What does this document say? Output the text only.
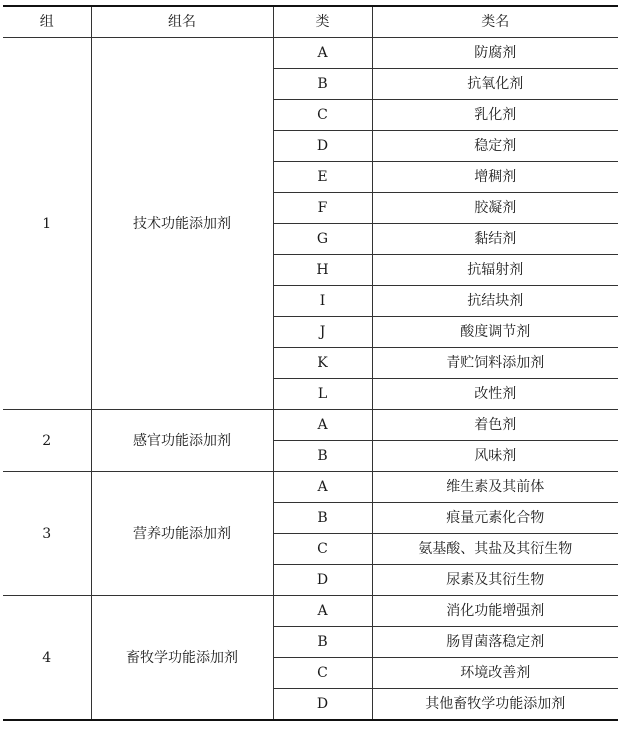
组	组名	类	类名
1	技术功能添加剂	A	防腐剂
		B	抗氧化剂
		C	乳化剂
		D	稳定剂
		E	增稠剂
		F	胶凝剂
		G	黏结剂
		H	抗辐射剂
		I	抗结块剂
		J	酸度调节剂
		K	青贮饲料添加剂
		L	改性剂
2	感官功能添加剂	A	着色剂
		B	风味剂
3	营养功能添加剂	A	维生素及其前体
		B	痕量元素化合物
		C	氨基酸、其盐及其衍生物
		D	尿素及其衍生物
4	畜牧学功能添加剂	A	消化功能增强剂
		B	肠胃菌落稳定剂
		C	环境改善剂
		D	其他畜牧学功能添加剂
